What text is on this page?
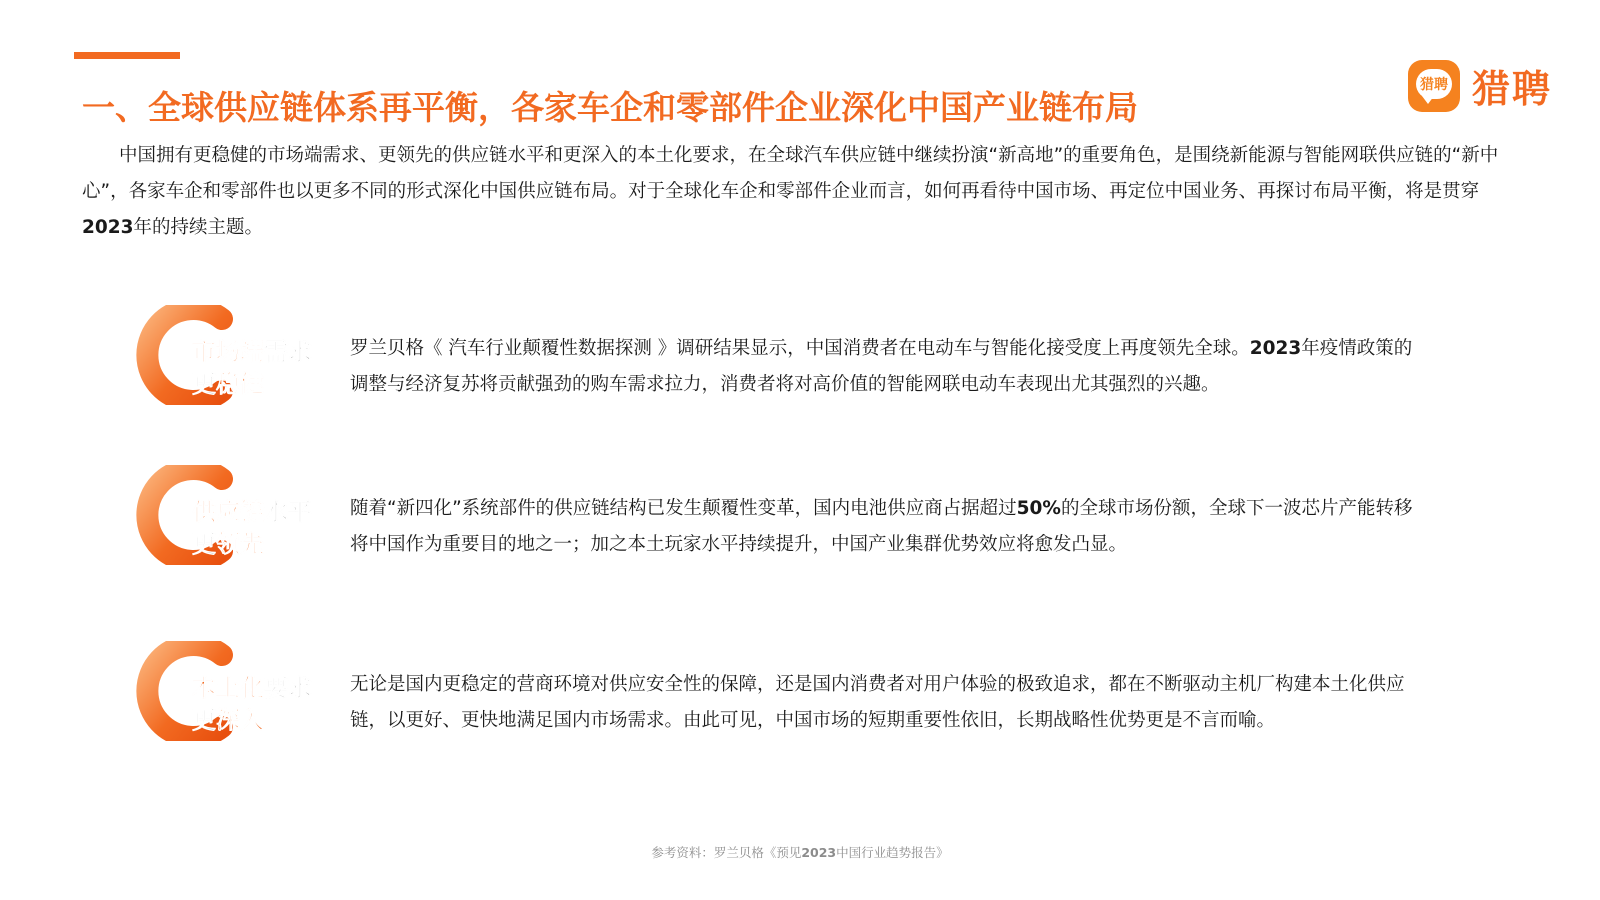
一、全球供应链体系再平衡，各家车企和零部件企业深化中国产业链布局
猎聘 猎聘

中国拥有更稳健的市场端需求、更领先的供应链水平和更深入的本土化要求，在全球汽车供应链中继续扮演“新高地”的重要角色，是围绕新能源与智能网联供应链的“新中心”，各家车企和零部件也以更多不同的形式深化中国供应链布局。对于全球化车企和零部件企业而言，如何再看待中国市场、再定位中国业务、再探讨布局平衡，将是贯穿2023年的持续主题。

市场端需求
更稳健

罗兰贝格《 汽车行业颠覆性数据探测 》调研结果显示，中国消费者在电动车与智能化接受度上再度领先全球。2023年疫情政策的调整与经济复苏将贡献强劲的购车需求拉力，消费者将对高价值的智能网联电动车表现出尤其强烈的兴趣。

供应链水平
更领先

随着“新四化”系统部件的供应链结构已发生颠覆性变革，国内电池供应商占据超过50%的全球市场份额，全球下一波芯片产能转移将中国作为重要目的地之一；加之本土玩家水平持续提升，中国产业集群优势效应将愈发凸显。

本土化要求
更深入

无论是国内更稳定的营商环境对供应安全性的保障，还是国内消费者对用户体验的极致追求，都在不断驱动主机厂构建本土化供应链，以更好、更快地满足国内市场需求。由此可见，中国市场的短期重要性依旧，长期战略性优势更是不言而喻。

参考资料：罗兰贝格《预见2023中国行业趋势报告》
